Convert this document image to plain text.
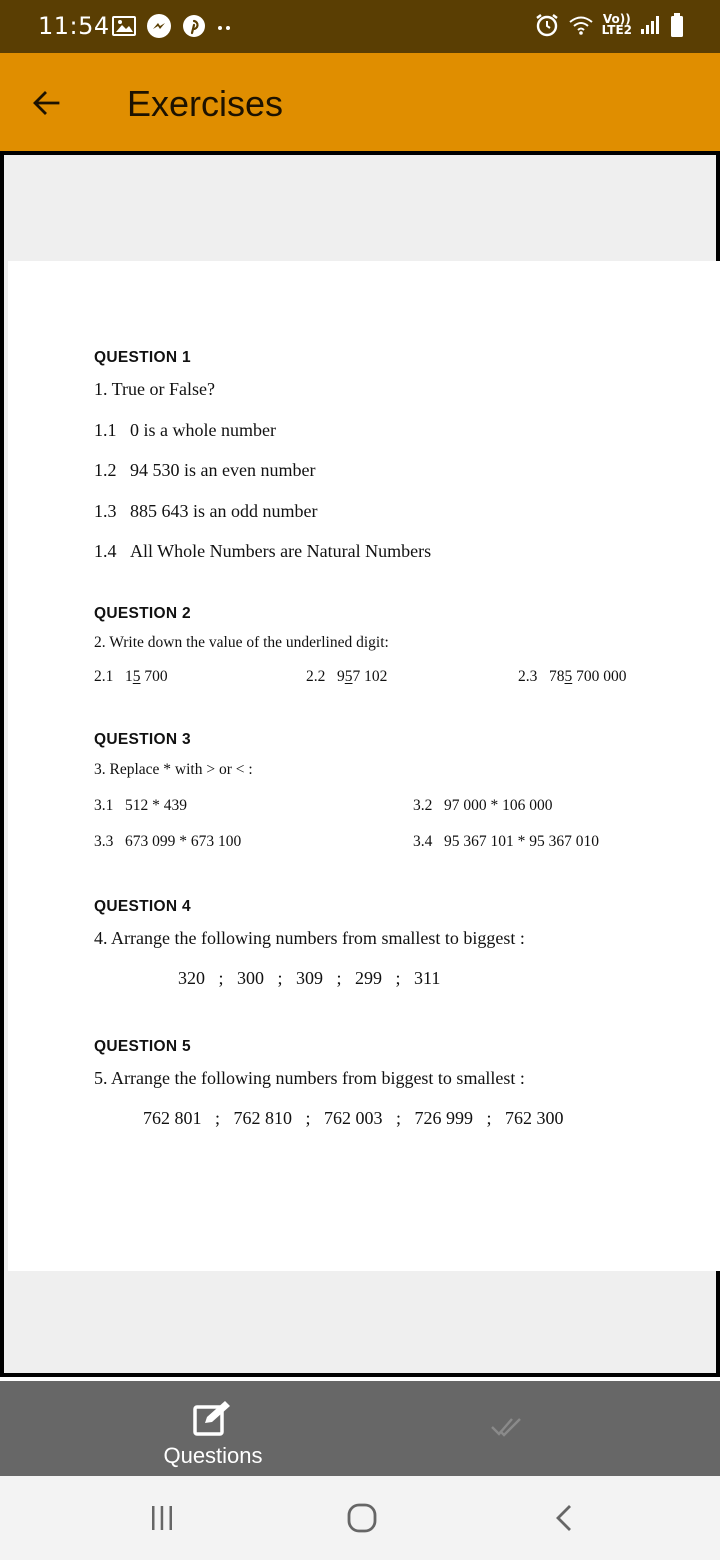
11:54	Vo))
LTE2
Exercises
QUESTION 1
1. True or False?
1.1 0 is a whole number
1.2 94 530 is an even number
1.3 885 643 is an odd number
1.4 All Whole Numbers are Natural Numbers
QUESTION 2
2. Write down the value of the underlined digit:
2.1 15 700	2.2 957 102	2.3 785 700 000
QUESTION 3
3. Replace * with > or < :
3.1 512 * 439	3.2 97 000 * 106 000
3.3 673 099 * 673 100	3.4 95 367 101 * 95 367 010
QUESTION 4
4. Arrange the following numbers from smallest to biggest :
320   ;   300   ;   309   ;   299   ;   311
QUESTION 5
5. Arrange the following numbers from biggest to smallest :
762 801   ;   762 810   ;   762 003   ;   726 999   ;   762 300
Questions
